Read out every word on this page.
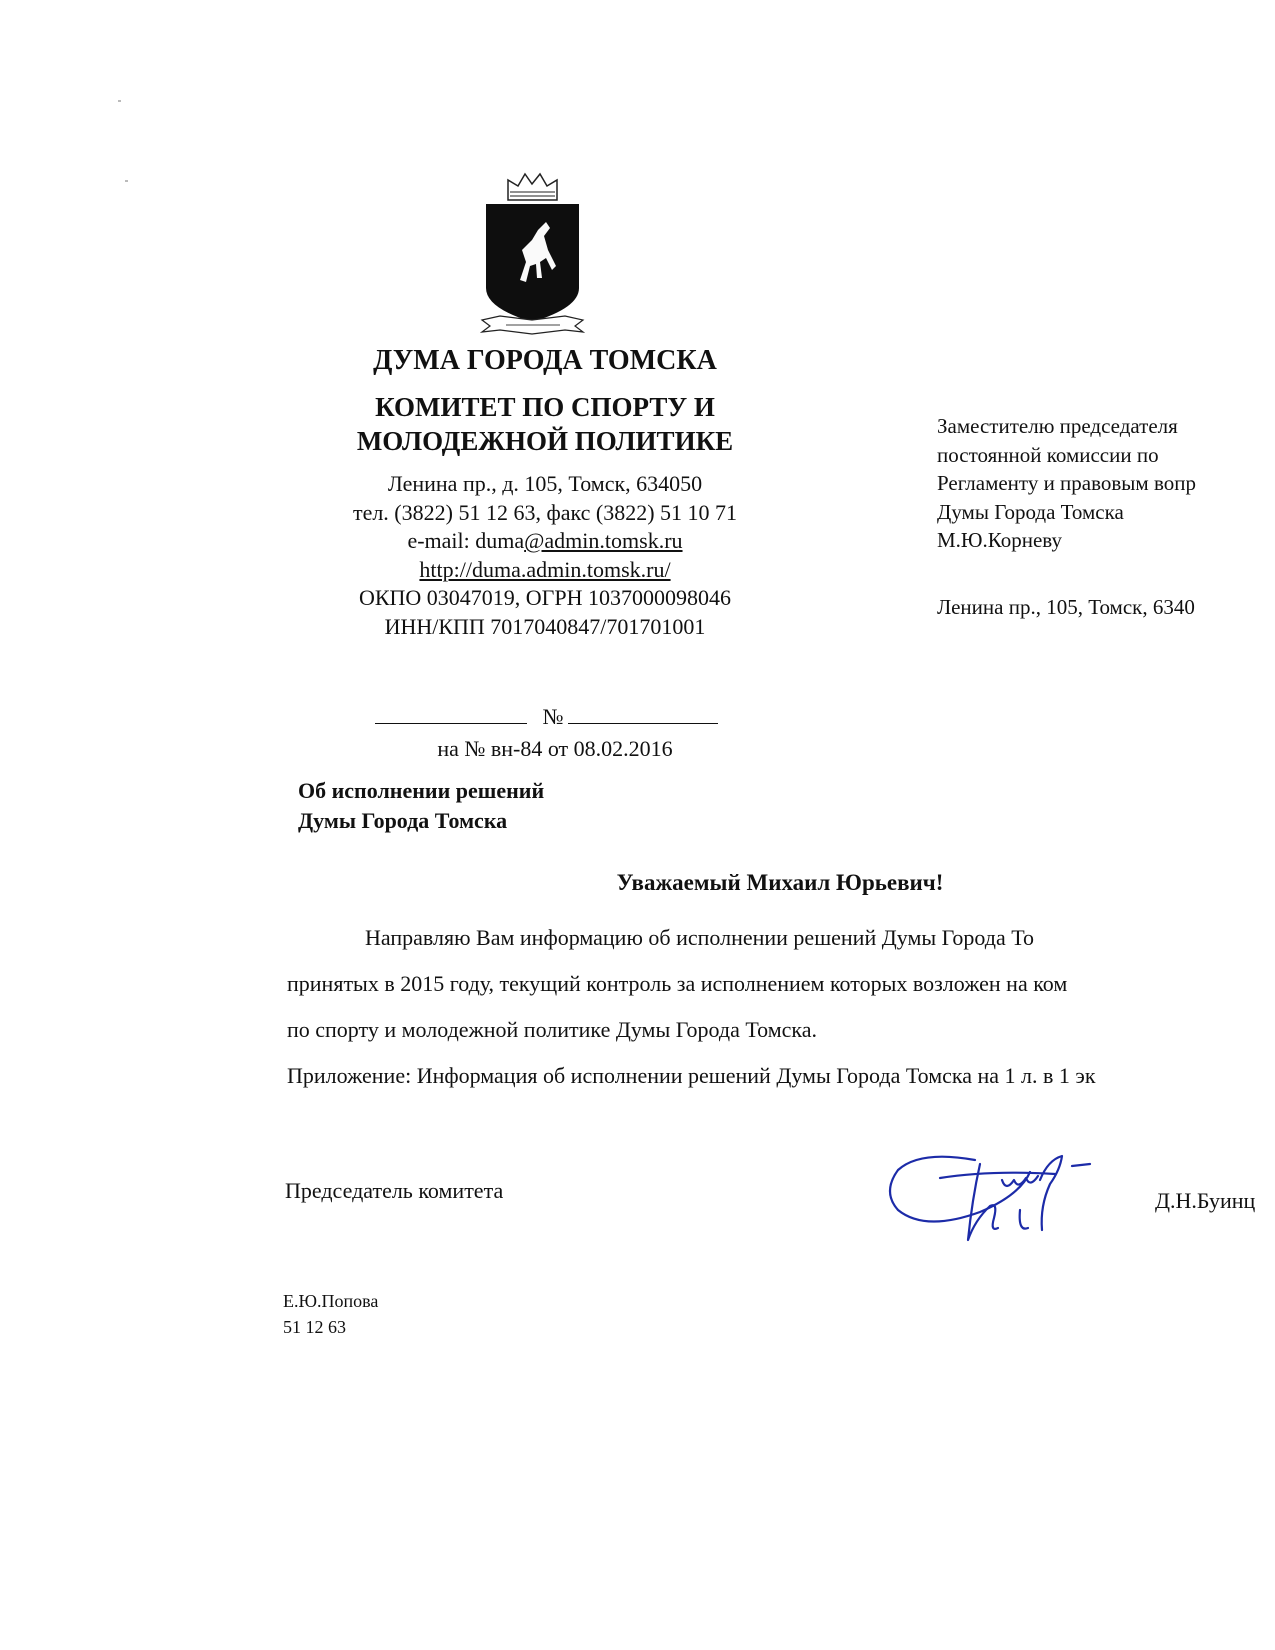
ДУМА ГОРОДА ТОМСКА
КОМИТЕТ ПО СПОРТУ И
МОЛОДЕЖНОЙ ПОЛИТИКЕ
Ленина пр., д. 105, Томск, 634050
тел. (3822) 51 12 63, факс (3822) 51 10 71
e-mail: duma@admin.tomsk.ru
http://duma.admin.tomsk.ru/
ОКПО 03047019, ОГРН 1037000098046
ИНН/КПП 7017040847/701701001
Заместителю председателя
постоянной комиссии по
Регламенту и правовым вопр
Думы Города Томска
М.Ю.Корневу
Ленина пр., 105, Томск, 6340
№
на № вн-84 от 08.02.2016
Об исполнении решений
Думы Города Томска
Уважаемый Михаил Юрьевич!

Направляю Вам информацию об исполнении решений Думы Города То

принятых в 2015 году, текущий контроль за исполнением которых возложен на ком

по спорту и молодежной политике Думы Города Томска.

Приложение: Информация об исполнении решений Думы Города Томска на 1 л. в 1 эк

Председатель комитета	Д.Н.Буинц
Е.Ю.Попова
51 12 63
